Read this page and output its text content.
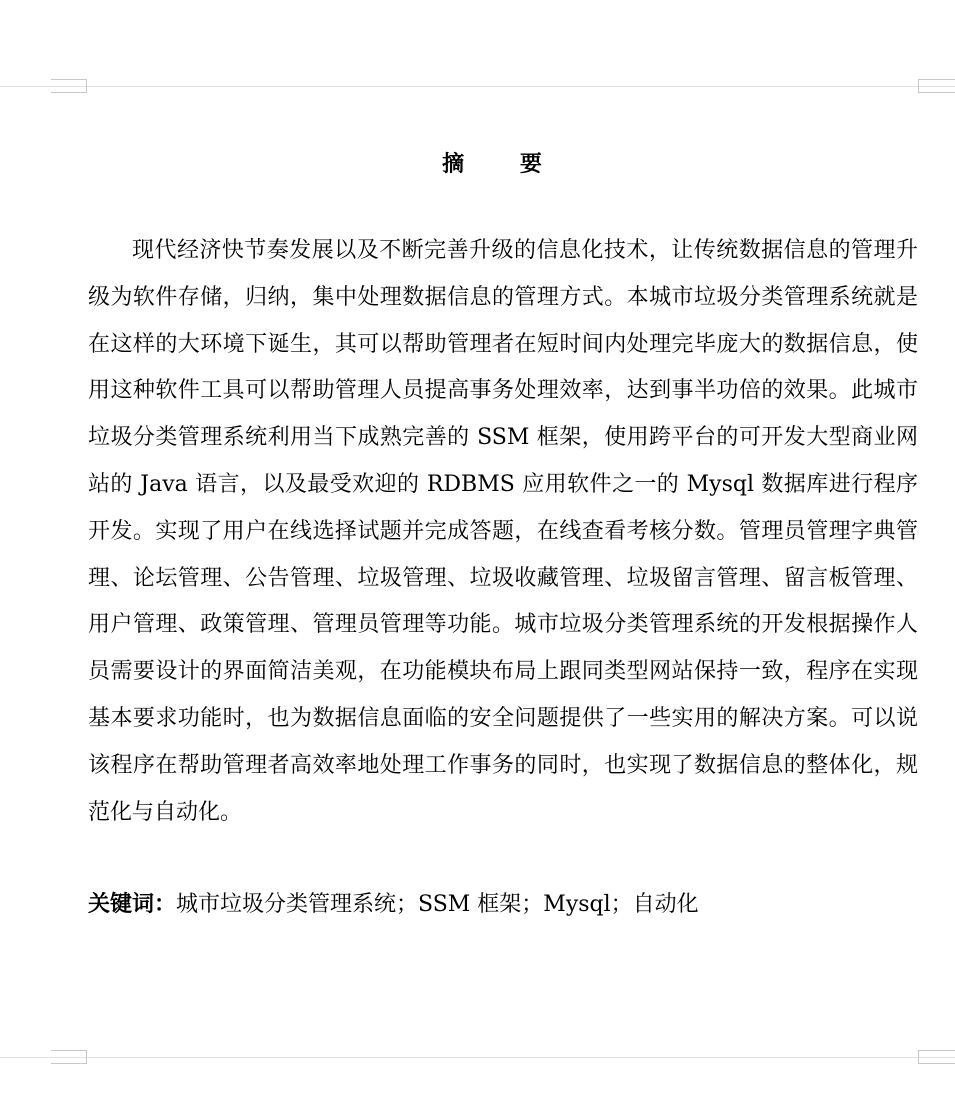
摘 要

现代经济快节奏发展以及不断完善升级的信息化技术，让传统数据信息的管理升级为软件存储，归纳，集中处理数据信息的管理方式。本城市垃圾分类管理系统就是在这样的大环境下诞生，其可以帮助管理者在短时间内处理完毕庞大的数据信息，使用这种软件工具可以帮助管理人员提高事务处理效率，达到事半功倍的效果。此城市垃圾分类管理系统利用当下成熟完善的 SSM 框架，使用跨平台的可开发大型商业网站的 Java 语言，以及最受欢迎的 RDBMS 应用软件之一的 Mysql 数据库进行程序开发。实现了用户在线选择试题并完成答题，在线查看考核分数。管理员管理字典管理、论坛管理、公告管理、垃圾管理、垃圾收藏管理、垃圾留言管理、留言板管理、用户管理、政策管理、管理员管理等功能。城市垃圾分类管理系统的开发根据操作人员需要设计的界面简洁美观，在功能模块布局上跟同类型网站保持一致，程序在实现基本要求功能时，也为数据信息面临的安全问题提供了一些实用的解决方案。可以说该程序在帮助管理者高效率地处理工作事务的同时，也实现了数据信息的整体化，规范化与自动化。

关键词：城市垃圾分类管理系统；SSM 框架；Mysql；自动化
